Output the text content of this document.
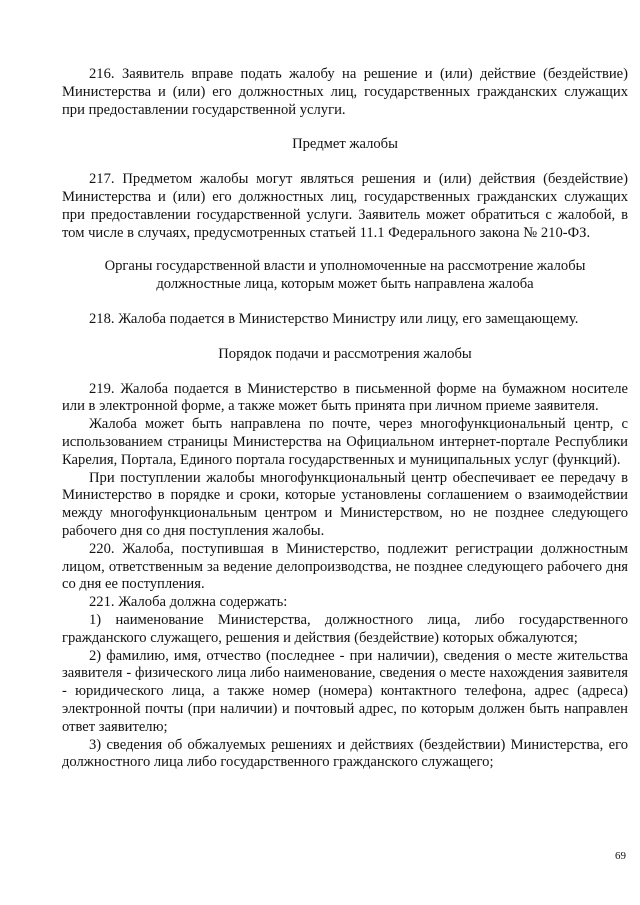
216. Заявитель вправе подать жалобу на решение и (или) действие (бездействие) Министерства и (или) его должностных лиц, государственных гражданских служащих при предоставлении государственной услуги.

Предмет жалобы

217. Предметом жалобы могут являться решения и (или) действия (бездействие) Министерства и (или) его должностных лиц, государственных гражданских служащих при предоставлении государственной услуги. Заявитель может обратиться с жалобой, в том числе в случаях, предусмотренных статьей 11.1 Федерального закона № 210-ФЗ.

Органы государственной власти и уполномоченные на рассмотрение жалобы

должностные лица, которым может быть направлена жалоба

218. Жалоба подается в Министерство Министру или лицу, его замещающему.

Порядок подачи и рассмотрения жалобы

219. Жалоба подается в Министерство в письменной форме на бумажном носителе или в электронной форме, а также может быть принята при личном приеме заявителя.

Жалоба может быть направлена по почте, через многофункциональный центр, с использованием страницы Министерства на Официальном интернет-портале Республики Карелия, Портала, Единого портала государственных и муниципальных услуг (функций).

При поступлении жалобы многофункциональный центр обеспечивает ее передачу в Министерство в порядке и сроки, которые установлены соглашением о взаимодействии между многофункциональным центром и Министерством, но не позднее следующего рабочего дня со дня поступления жалобы.

220. Жалоба, поступившая в Министерство, подлежит регистрации должностным лицом, ответственным за ведение делопроизводства, не позднее следующего рабочего дня со дня ее поступления.

221. Жалоба должна содержать:

1) наименование Министерства, должностного лица, либо государственного гражданского служащего, решения и действия (бездействие) которых обжалуются;

2) фамилию, имя, отчество (последнее - при наличии), сведения о месте жительства заявителя - физического лица либо наименование, сведения о месте нахождения заявителя - юридического лица, а также номер (номера) контактного телефона, адрес (адреса) электронной почты (при наличии) и почтовый адрес, по которым должен быть направлен ответ заявителю;

3) сведения об обжалуемых решениях и действиях (бездействии) Министерства, его должностного лица либо государственного гражданского служащего;

69
